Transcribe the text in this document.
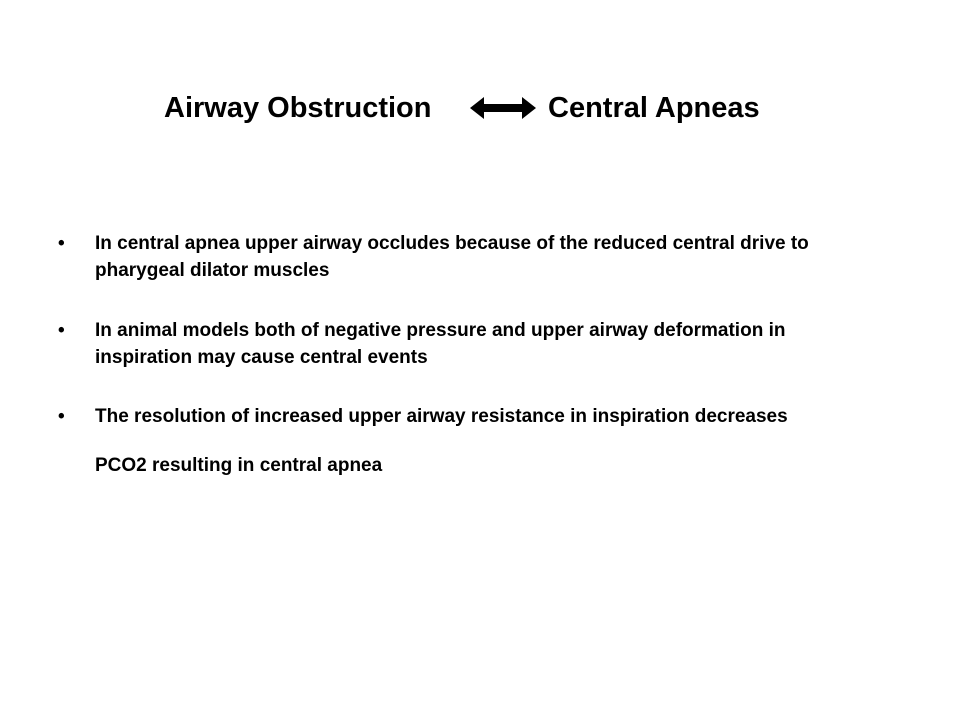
Airway Obstruction	Central Apneas
• In central apnea upper airway occludes because of the reduced central drive to
pharygeal dilator muscles
• In animal models both of negative pressure and upper airway deformation in
inspiration may cause central events
• The resolution of increased upper airway resistance in inspiration decreases
PCO2 resulting in central apnea
